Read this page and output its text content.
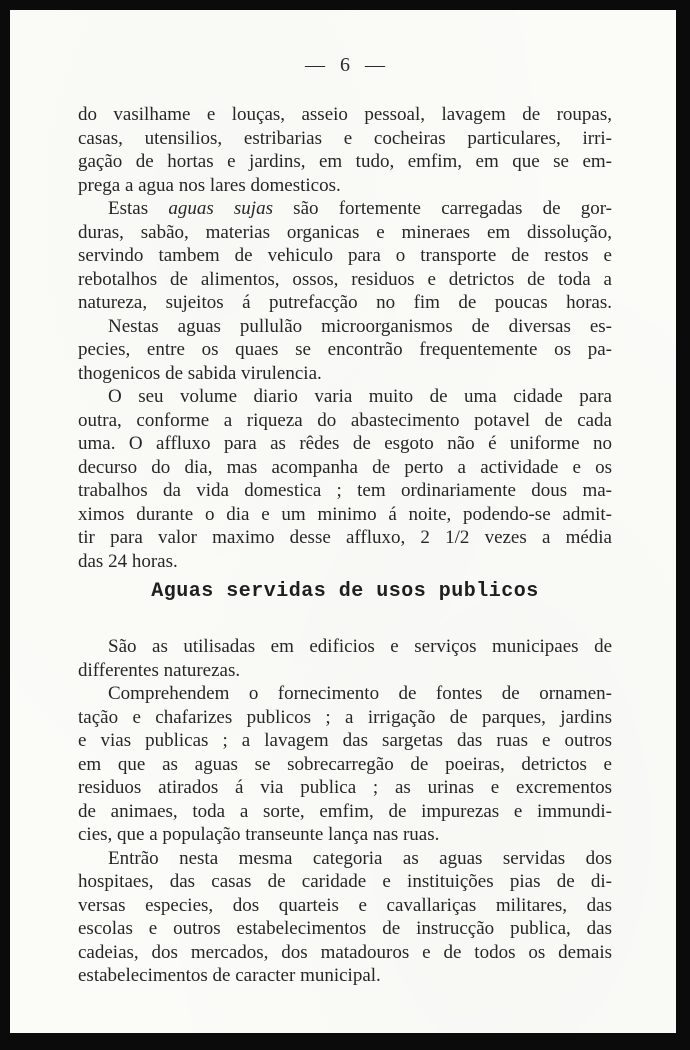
— 6 —
do vasilhame e louças, asseio pessoal, lavagem de roupas,
casas, utensilios, estribarias e cocheiras particulares, irri-
gação de hortas e jardins, em tudo, emfim, em que se em-
prega a agua nos lares domesticos.
Estas aguas sujas são fortemente carregadas de gor-
duras, sabão, materias organicas e mineraes em dissolução,
servindo tambem de vehiculo para o transporte de restos e
rebotalhos de alimentos, ossos, residuos e detrictos de toda a
natureza, sujeitos á putrefacção no fim de poucas horas.
Nestas aguas pullulão microorganismos de diversas es-
pecies, entre os quaes se encontrão frequentemente os pa-
thogenicos de sabida virulencia.
O seu volume diario varia muito de uma cidade para
outra, conforme a riqueza do abastecimento potavel de cada
uma. O affluxo para as rêdes de esgoto não é uniforme no
decurso do dia, mas acompanha de perto a actividade e os
trabalhos da vida domestica ; tem ordinariamente dous ma-
ximos durante o dia e um minimo á noite, podendo-se admit-
tir para valor maximo desse affluxo, 2 1/2 vezes a média
das 24 horas.
Aguas servidas de usos publicos
São as utilisadas em edificios e serviços municipaes de
differentes naturezas.
Comprehendem o fornecimento de fontes de ornamen-
tação e chafarizes publicos ; a irrigação de parques, jardins
e vias publicas ; a lavagem das sargetas das ruas e outros
em que as aguas se sobrecarregão de poeiras, detrictos e
residuos atirados á via publica ; as urinas e excrementos
de animaes, toda a sorte, emfim, de impurezas e immundi-
cies, que a população transeunte lança nas ruas.
Entrão nesta mesma categoria as aguas servidas dos
hospitaes, das casas de caridade e instituições pias de di-
versas especies, dos quarteis e cavallariças militares, das
escolas e outros estabelecimentos de instrucção publica, das
cadeias, dos mercados, dos matadouros e de todos os demais
estabelecimentos de caracter municipal.
